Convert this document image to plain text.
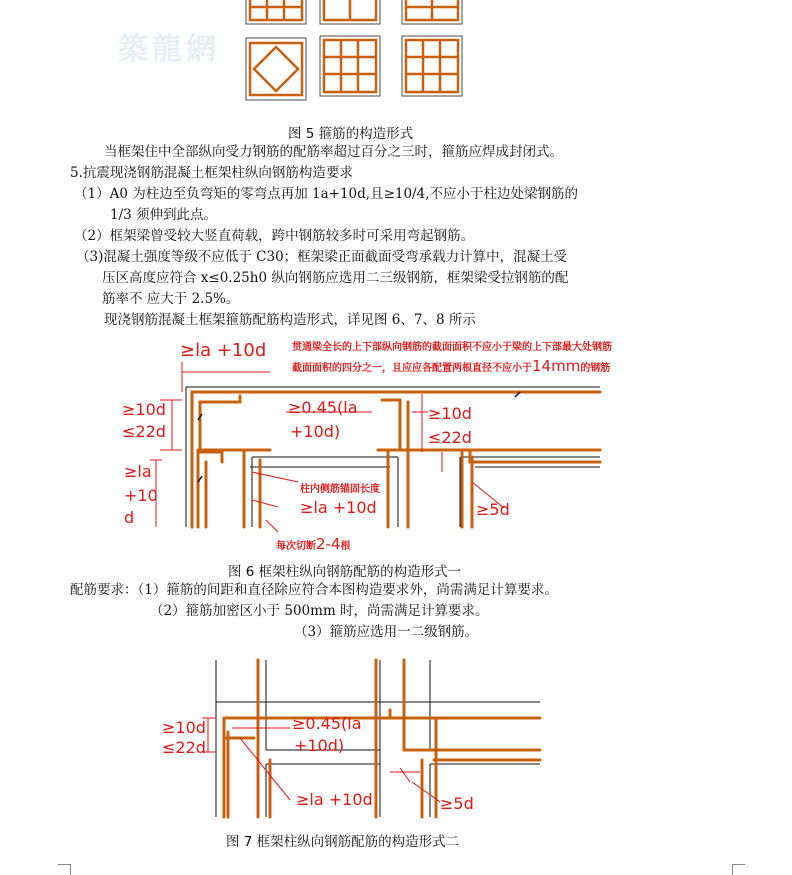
築龍網
图 5 箍筋的构造形式
当框架住中全部纵向受力钢筋的配筋率超过百分之三时，箍筋应焊成封闭式。
5.抗震现浇钢筋混凝土框架柱纵向钢筋构造要求
（1）A0 为柱边至负弯矩的零弯点再加 1a+10d,且≥10/4,不应小于柱边处梁钢筋的
1/3 须伸到此点。
（2）框架梁曾受较大竖直荷载，跨中钢筋较多时可采用弯起钢筋。
（3)混凝土强度等级不应低于 C30；框架梁正面截面受弯承载力计算中，混凝土受
压区高度应符合 x≤0.25h0 纵向钢筋应选用二三级钢筋，框架梁受拉钢筋的配
筋率不 应大于 2.5%。
现浇钢筋混凝土框架箍筋配筋构造形式，详见图 6、7、8 所示
贯通梁全长的上下部纵向钢筋的截面面积不应小于梁的上下部最大处钢筋
截面面积的四分之一，且应应各配置两根直径不应小于14mm的钢筋
≥la +10d
≥10d
≤22d
≥la
+10
d
≥0.45(la
+10d)
≥10d
≤22d
柱内侧筋锚固长度
≥la +10d	≥5d
每次切断2-4根
图 6 框架柱纵向钢筋配筋的构造形式一
配筋要求：（1）箍筋的间距和直径除应符合本图构造要求外，尚需满足计算要求。
（2）箍筋加密区小于 500mm 时，尚需满足计算要求。
（3）箍筋应选用一二级钢筋。
≥10d
≤22d
≥0.45(la
+10d)
≥la +10d	≥5d
图 7 框架柱纵向钢筋配筋的构造形式二
